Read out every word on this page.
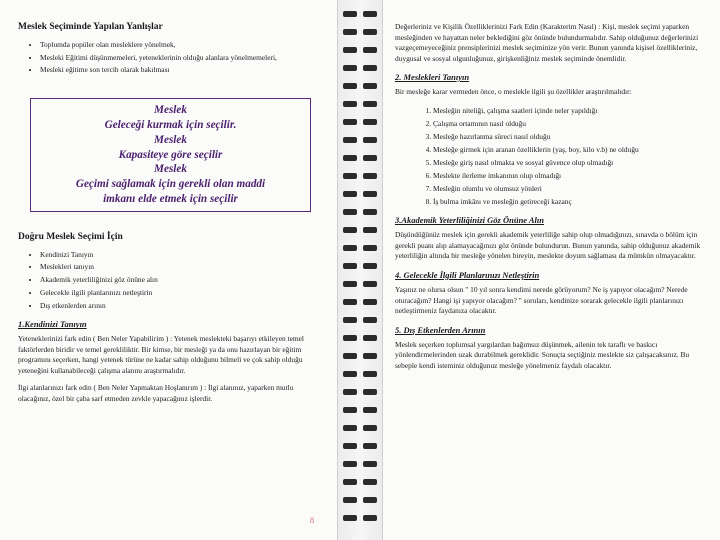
Meslek Seçiminde Yapılan Yanlışlar
• Toplumda popüler olan mesleklere yönelmek,
• Mesleki Eğitimi düşünmemeleri, yeteneklerinin olduğu alanlara yönelmemeleri,
• Mesleki eğitime son tercih olarak bakılması
Meslek
Geleceği kurmak için seçilir.
Meslek
Kapasiteye göre seçilir
Meslek
Geçimi sağlamak için gerekli olan maddi
imkanı elde etmek için seçilir
Doğru Meslek Seçimi İçin
• Kendinizi Tanıyın
• Meslekleri tanıyın
• Akademik yeterliliğinizi göz önüne alın
• Gelecekle ilgili planlarınızı netleştirin
• Dış etkenlerden arının
1.Kendinizi Tanıyın

Yeteneklerinizi fark edin ( Ben Neler Yapabilirim ) : Yetenek meslekteki başarıyı etkileyen temel faktörlerden biridir ve temel gerekliliktir. Bir kimse, bir mesleği ya da onu hazırlayan bir eğitim programını seçerken, hangi yetenek türüne ne kadar sahip olduğunu bilmeli ve çok sahip olduğu yeteneğini kullanabileceği çalışma alanını araştırmalıdır.

İlgi alanlarınızı fark edin ( Ben Neler Yapmaktan Hoşlanırım ) : İlgi alanınız, yaparken mutlu olacağınız, özel bir çaba sarf etmeden zevkle yapacağınız işlerdir.

8

Değerleriniz ve Kişilik Özelliklerinizi Fark Edin (Karakterim Nasıl) : Kişi, meslek seçimi yaparken mesleğinden ve hayattan neler beklediğini göz önünde bulundurmalıdır. Sahip olduğunuz değerlerinizi vazgeçemeyeceğiniz prensiplerinizi meslek seçiminize yön verir. Bunun yanında kişisel özellikleriniz, duygusal ve sosyal olgunluğunuz, girişkenliğiniz meslek seçiminde önemlidir.

2. Meslekleri Tanıyın

Bir mesleğe karar vermeden önce, o meslekle ilgili şu özellikler araştırılmalıdır:

1. Mesleğin niteliği, çalışma saatleri içinde neler yapıldığı
2. Çalışma ortamının nasıl olduğu
3. Mesleğe hazırlanma süreci nasıl olduğu
4. Mesleğe girmek için aranan özelliklerin (yaş, boy, kilo v.b) ne olduğu
5. Mesleğe giriş nasıl olmakta ve sosyal güvence olup olmadığı
6. Meslekte ilerleme imkanının olup olmadığı
7. Mesleğin olumlu ve olumsuz yönleri
8. İş bulma imkânı ve mesleğin getireceği kazanç
3.Akademik Yeterliliğinizi Göz Önüne Alın

Düşündüğünüz meslek için gerekli akademik yeterliliğe sahip olup olmadığınızı, sınavda o bölüm için gerekli puanı alıp alamayacağınızı göz önünde bulundurun. Bunun yanında, sahip olduğunuz akademik yeterliliğin altında bir mesleğe yönelen bireyin, meslekte doyum sağlaması da mümkün olmayacaktır.

4. Gelecekle İlgili Planlarınızı Netleştirin

Yaşınız ne olursa olsun " 10 yıl sonra kendimi nerede görüyorum? Ne iş yapıyor olacağım? Nerede oturacağım? Hangi işi yapıyor olacağım? " soruları, kendinize sorarak gelecekle ilgili planlarınızı netleştirmeniz faydanıza olacaktır.

5. Dış Etkenlerden Arının

Meslek seçerken toplumsal yargılardan bağımsız düşünmek, ailenin tek taraflı ve baskıcı yönlendirmelerinden uzak durabilmek gereklidir. Sonuçta seçtiğiniz meslekte siz çalışacaksınız. Bu sebeple kendi isteminiz olduğunuz mesleğe yönelmeniz faydalı olacaktır.
